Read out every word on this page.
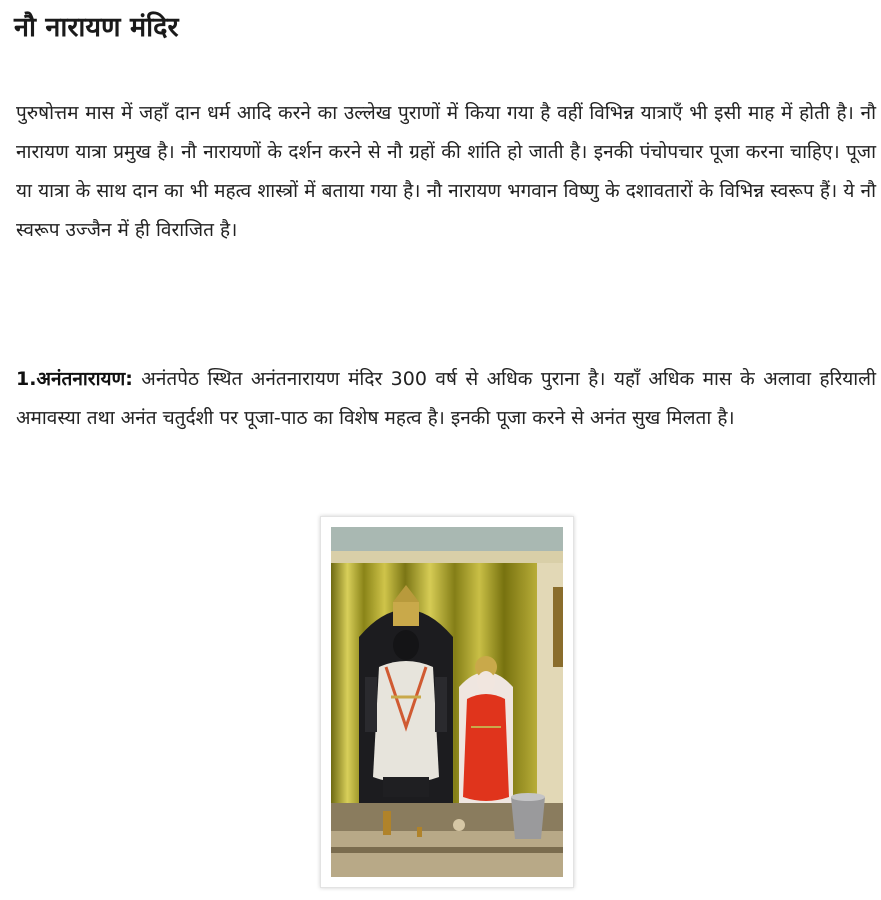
नौ नारायण मंदिर

पुरुषोत्तम मास में जहाँ दान धर्म आदि करने का उल्लेख पुराणों में किया गया है वहीं विभिन्न यात्राएँ भी इसी माह में होती है। नौ नारायण यात्रा प्रमुख है। नौ नारायणों के दर्शन करने से नौ ग्रहों की शांति हो जाती है। इनकी पंचोपचार पूजा करना चाहिए। पूजा या यात्रा के साथ दान का भी महत्व शास्त्रों में बताया गया है। नौ नारायण भगवान विष्णु के दशावतारों के विभिन्न स्वरूप हैं। ये नौ स्वरूप उज्जैन में ही विराजित है।

1.अनंतनारायण: अनंतपेठ स्थित अनंतनारायण मंदिर 300 वर्ष से अधिक पुराना है। यहाँ अधिक मास के अलावा हरियाली अमावस्या तथा अनंत चतुर्दशी पर पूजा-पाठ का विशेष महत्व है। इनकी पूजा करने से अनंत सुख मिलता है।
